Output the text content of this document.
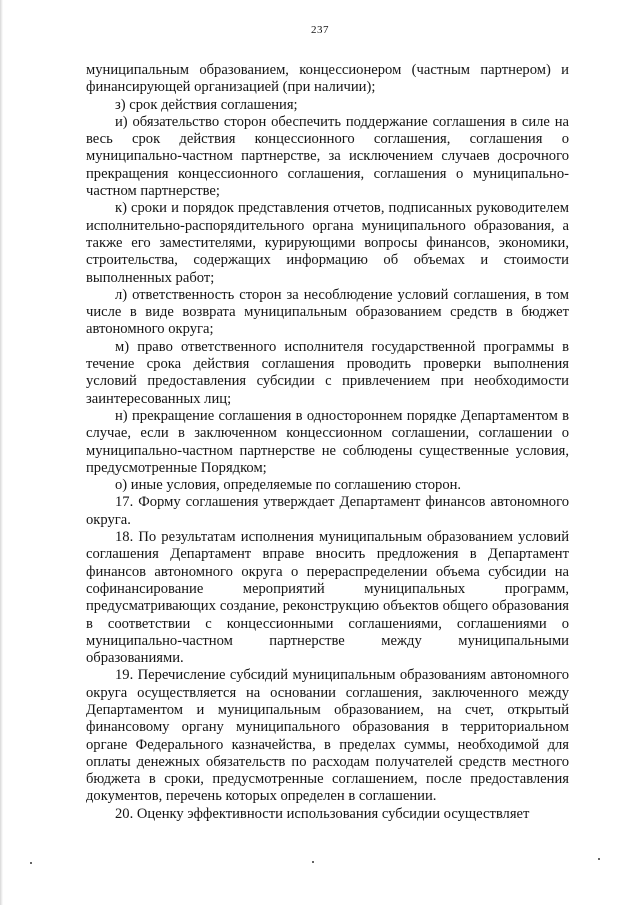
237

муниципальным образованием, концессионером (частным партнером) и финансирующей организацией (при наличии);

з) срок действия соглашения;

и) обязательство сторон обеспечить поддержание соглашения в силе на весь срок действия концессионного соглашения, соглашения о муниципально-частном партнерстве, за исключением случаев досрочного прекращения концессионного соглашения, соглашения о муниципально-частном партнерстве;

к) сроки и порядок представления отчетов, подписанных руководителем исполнительно-распорядительного органа муниципального образования, а также его заместителями, курирующими вопросы финансов, экономики, строительства, содержащих информацию об объемах и стоимости выполненных работ;

л) ответственность сторон за несоблюдение условий соглашения, в том числе в виде возврата муниципальным образованием средств в бюджет автономного округа;

м) право ответственного исполнителя государственной программы в течение срока действия соглашения проводить проверки выполнения условий предоставления субсидии с привлечением при необходимости заинтересованных лиц;

н) прекращение соглашения в одностороннем порядке Департаментом в случае, если в заключенном концессионном соглашении, соглашении о муниципально-частном партнерстве не соблюдены существенные условия, предусмотренные Порядком;

о) иные условия, определяемые по соглашению сторон.

17. Форму соглашения утверждает Департамент финансов автономного округа.

18. По результатам исполнения муниципальным образованием условий соглашения Департамент вправе вносить предложения в Департамент финансов автономного округа о перераспределении объема субсидии на софинансирование мероприятий муниципальных программ, предусматривающих создание, реконструкцию объектов общего образования в соответствии с концессионными соглашениями, соглашениями о муниципально-частном партнерстве между муниципальными образованиями.

19. Перечисление субсидий муниципальным образованиям автономного округа осуществляется на основании соглашения, заключенного между Департаментом и муниципальным образованием, на счет, открытый финансовому органу муниципального образования в территориальном органе Федерального казначейства, в пределах суммы, необходимой для оплаты денежных обязательств по расходам получателей средств местного бюджета в сроки, предусмотренные соглашением, после предоставления документов, перечень которых определен в соглашении.

20. Оценку эффективности использования субсидии осуществляет
